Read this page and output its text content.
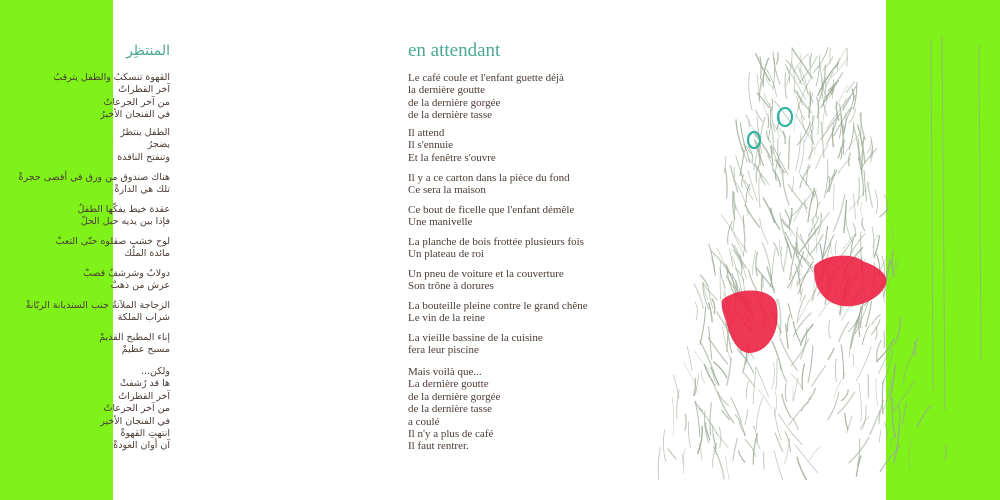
المنتظِر	en attendant
القهوة تنسكبُ والطفل يترقبُ
آخر القطراتُ
من آخر الجرعاتُ
في الفنجان الأخيرُ
الطفل ينتظرُ
يضجرُ
وتنفتح النافذة
هناك صندوق من ورق في أقصى حجرةْ
تلك هي الدارةْ
عقدة خيط يفكّها الطفلُ
فإذا بين يديه حبل الحلّ
لوح خشبٍ صقلوه حتّى التعبْ
مائدة الملك
دولابٌ وشرشفٌ قصبْ
عرش من ذهبْ
الزجاجة الملآنةُ جنب السنديانة الربّانةْ
شراب الملكة
إناء المطبخ القديمْ
مسبح عظيمْ
ولكن...
ها قد رُشفتْ
آخر القطراتُ
من آخر الجرعاتُ
في الفنجان الأخير
انتهتِ القهوةْ
آن أوان العودةْ
Le café coule et l'enfant guette déjà
la dernière goutte
de la dernière gorgée
de la dernière tasse
Il attend
Il s'ennuie
Et la fenêtre s'ouvre
Il y a ce carton dans la pièce du fond
Ce sera la maison
Ce bout de ficelle que l'enfant démêle
Une manivelle
La planche de bois frottée plusieurs fois
Un plateau de roi
Un pneu de voiture et la couverture
Son trône à dorures
La bouteille pleine contre le grand chêne
Le vin de la reine
La vieille bassine de la cuisine
fera leur piscine
Mais voilà que...
La dernière goutte
de la dernière gorgée
de la dernière tasse
a coulé
Il n'y a plus de café
Il faut rentrer.
